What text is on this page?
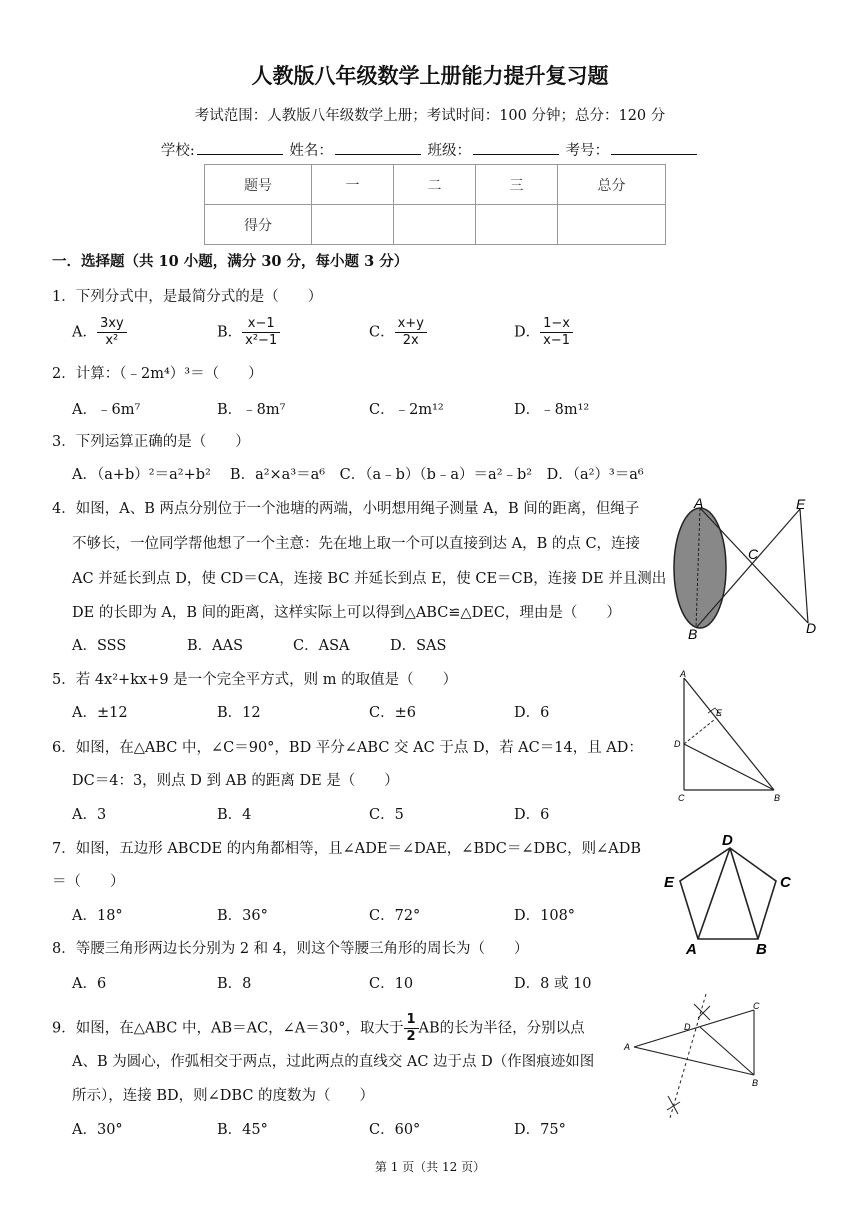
人教版八年级数学上册能力提升复习题
考试范围：人教版八年级数学上册；考试时间：100 分钟；总分：120 分
学校:	姓名：	班级：	考号：
题号	一	二	三	总分
得分				
一．选择题（共 10 小题，满分 30 分，每小题 3 分）
1．下列分式中，是最简分式的是（　　）
A． $\frac{3xy}{\text{x²}}$	B． $\frac{x-1}{\text{x²−1}}$	C． $\frac{x+y}{2x}$	D． $\frac{1-x}{x-1}$
2．计算：（﹣2m⁴）³＝（　　）
A．﹣6m⁷	B．﹣8m⁷	C．﹣2m¹²	D．﹣8m¹²
3．下列运算正确的是（　　）
A．（a+b）²＝a²+b²　 B．a²×a³＝a⁶　C．（a﹣b）（b﹣a）＝a²﹣b²　D．（a²）³＝a⁶
4．如图，A、B 两点分别位于一个池塘的两端，小明想用绳子测量 A，B 间的距离，但绳子
不够长，一位同学帮他想了一个主意：先在地上取一个可以直接到达 A，B 的点 C，连接
AC 并延长到点 D，使 CD＝CA，连接 BC 并延长到点 E，使 CE＝CB，连接 DE 并且测出
DE 的长即为 A，B 间的距离，这样实际上可以得到△ABC≌△DEC，理由是（　　）
A．SSS	B．AAS	C．ASA	D．SAS
A
B
C
D
E
5．若 4x²+kx+9 是一个完全平方式，则 m 的取值是（　　）
A．±12	B．12	C．±6	D．6
6．如图，在△ABC 中，∠C＝90°，BD 平分∠ABC 交 AC 于点 D，若 AC＝14，且 AD：
DC＝4：3，则点 D 到 AB 的距离 DE 是（　　）
A．3	B．4	C．5	D．6
A
B
C
D
E
7．如图，五边形 ABCDE 的内角都相等，且∠ADE＝∠DAE，∠BDC＝∠DBC，则∠ADB
＝（　　）
A．18°	B．36°	C．72°	D．108°
D
C
E
A	B
8．等腰三角形两边长分别为 2 和 4，则这个等腰三角形的周长为（　　）
A．6	B．8	C．10	D．8 或 10
9．如图，在△ABC 中，AB＝AC，∠A＝30°，取大于 $\frac{1}{2}$ AB的长为半径，分别以点
A、B 为圆心，作弧相交于两点，过此两点的直线交 AC 边于点 D（作图痕迹如图
所示），连接 BD，则∠DBC 的度数为（　　）
A．30°	B．45°	C．60°	D．75°
A
B
C
D
第 1 页（共 12 页）
